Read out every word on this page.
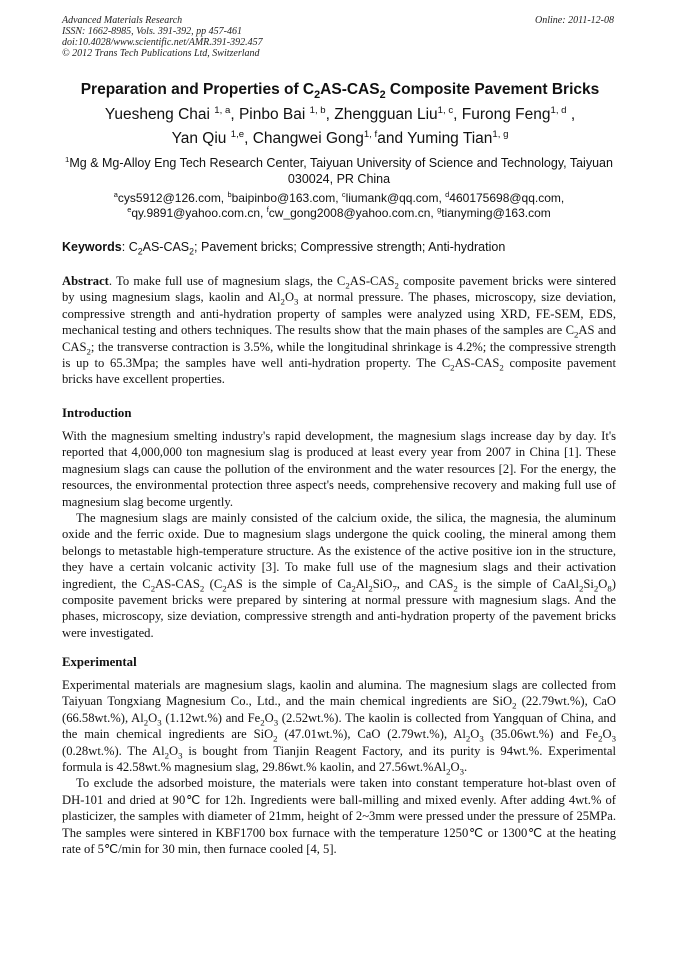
Advanced Materials Research
ISSN: 1662-8985, Vols. 391-392, pp 457-461
doi:10.4028/www.scientific.net/AMR.391-392.457
© 2012 Trans Tech Publications Ltd, Switzerland
Online: 2011-12-08
Preparation and Properties of $C_2AS-CAS_2$ Composite Pavement Bricks
Yuesheng Chai $^{1, a}$, Pinbo Bai $^{1, b}$, Zhengguan Liu$^{1, c}$, Furong Feng$^{1, d}$ ,
Yan Qiu $^{1,e}$, Changwei Gong$^{1, f}$and Yuming Tian$^{1, g}$
$^1$Mg & Mg-Alloy Eng Tech Research Center, Taiyuan University of Science and Technology, Taiyuan 030024, PR China
$^a$cys5912@126.com, $^b$baipinbo@163.com, $^c$liumank@qq.com, $^d$460175698@qq.com,
$^e$qy.9891@yahoo.com.cn, $^f$cw_gong2008@yahoo.com.cn, $^g$tianyming@163.com
Keywords: $C_2AS-CAS_2$; Pavement bricks; Compressive strength; Anti-hydration

Abstract. To make full use of magnesium slags, the $C_2AS-CAS_2$ composite pavement bricks were sintered by using magnesium slags, kaolin and $Al_2O_3$ at normal pressure. The phases, microscopy, size deviation, compressive strength and anti-hydration property of samples were analyzed using XRD, FE-SEM, EDS, mechanical testing and others techniques. The results show that the main phases of the samples are $C_2AS$ and $CAS_2$; the transverse contraction is 3.5%, while the longitudinal shrinkage is 4.2%; the compressive strength is up to 65.3Mpa; the samples have well anti-hydration property. The $C_2AS-CAS_2$ composite pavement bricks have excellent properties.

Introduction

With the magnesium smelting industry's rapid development, the magnesium slags increase day by day. It's reported that 4,000,000 ton magnesium slag is produced at least every year from 2007 in China [1]. These magnesium slags can cause the pollution of the environment and the water resources [2]. For the energy, the resources, the environmental protection three aspect's needs, comprehensive recovery and making full use of magnesium slag become urgently.

The magnesium slags are mainly consisted of the calcium oxide, the silica, the magnesia, the aluminum oxide and the ferric oxide. Due to magnesium slags undergone the quick cooling, the mineral among them belongs to metastable high-temperature structure. As the existence of the active positive ion in the structure, they have a certain volcanic activity [3]. To make full use of the magnesium slags and their activation ingredient, the $C_2AS-CAS_2$ ($C_2AS$ is the simple of $Ca_2Al_2SiO_7$, and $CAS_2$ is the simple of $CaAl_2Si_2O_8$) composite pavement bricks were prepared by sintering at normal pressure with magnesium slags. And the phases, microscopy, size deviation, compressive strength and anti-hydration property of the pavement bricks were investigated.

Experimental

Experimental materials are magnesium slags, kaolin and alumina. The magnesium slags are collected from Taiyuan Tongxiang Magnesium Co., Ltd., and the main chemical ingredients are SiO$_2$ (22.79wt.%), CaO (66.58wt.%), $Al_2O_3$ (1.12wt.%) and $Fe_2O_3$ (2.52wt.%). The kaolin is collected from Yangquan of China, and the main chemical ingredients are SiO$_2$ (47.01wt.%), CaO (2.79wt.%), $Al_2O_3$ (35.06wt.%) and $Fe_2O_3$ (0.28wt.%). The $Al_2O_3$ is bought from Tianjin Reagent Factory, and its purity is 94wt.%. Experimental formula is 42.58wt.% magnesium slag, 29.86wt.% kaolin, and $27.56wt.\%Al_2O_3$.

To exclude the adsorbed moisture, the materials were taken into constant temperature hot-blast oven of DH-101 and dried at 90℃ for 12h. Ingredients were ball-milling and mixed evenly. After adding 4wt.% of plasticizer, the samples with diameter of 21mm, height of 2~3mm were pressed under the pressure of 25MPa. The samples were sintered in KBF1700 box furnace with the temperature 1250℃ or 1300℃ at the heating rate of 5℃/min for 30 min, then furnace cooled [4, 5].
